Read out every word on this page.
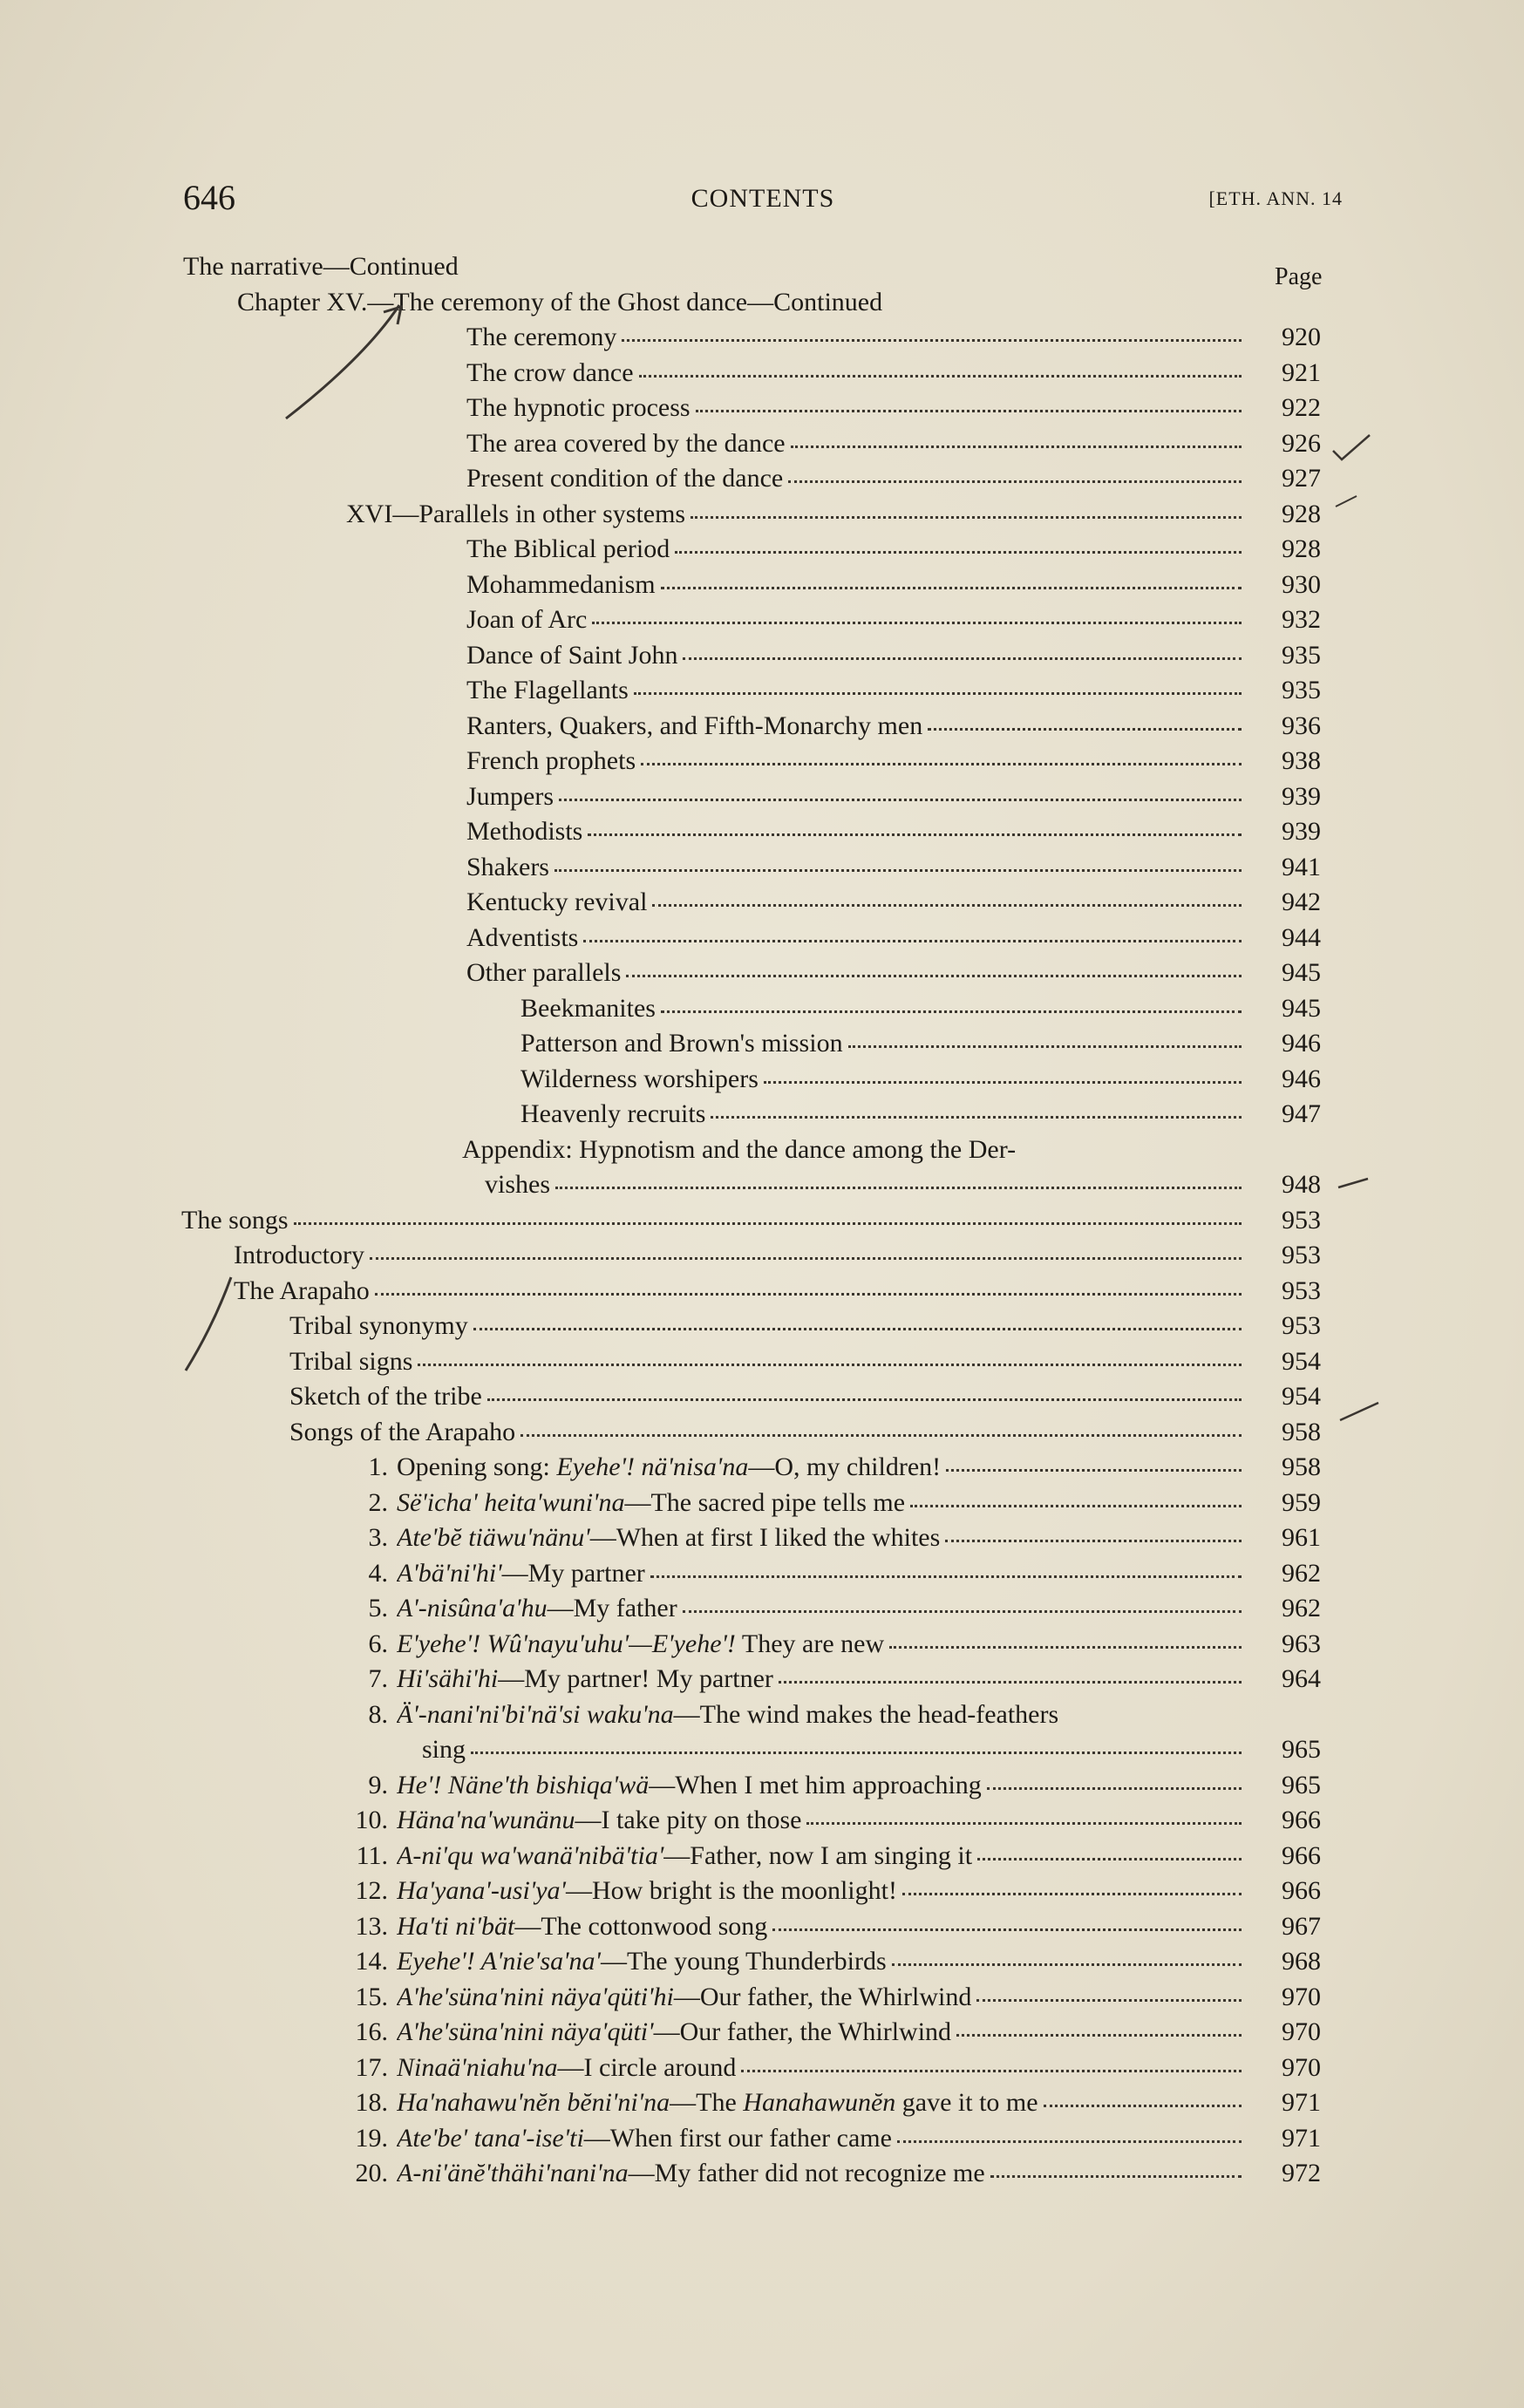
646	CONTENTS	[ETH. ANN. 14
Page
The narrative—Continued
Chapter XV.—The ceremony of the Ghost dance—Continued
The ceremony	920
The crow dance	921
The hypnotic process	922
The area covered by the dance	926
Present condition of the dance	927
XVI—Parallels in other systems	928
The Biblical period	928
Mohammedanism	930
Joan of Arc	932
Dance of Saint John	935
The Flagellants	935
Ranters, Quakers, and Fifth-Monarchy men	936
French prophets	938
Jumpers	939
Methodists	939
Shakers	941
Kentucky revival	942
Adventists	944
Other parallels	945
Beekmanites	945
Patterson and Brown's mission	946
Wilderness worshipers	946
Heavenly recruits	947
Appendix: Hypnotism and the dance among the Der-
vishes	948
The songs	953
Introductory	953
The Arapaho	953
Tribal synonymy	953
Tribal signs	954
Sketch of the tribe	954
Songs of the Arapaho	958
1. Opening song: Eyehe'! nä'nisa'na—O, my children!	958
2. Së'icha' heita'wuni'na—The sacred pipe tells me	959
3. Ate'bĕ tiäwu'nänu'—When at first I liked the whites	961
4. A'bä'ni'hi'—My partner	962
5. A'-nisûna'a'hu—My father	962
6. E'yehe'! Wû'nayu'uhu'—E'yehe'! They are new	963
7. Hi'sähi'hi—My partner! My partner	964
8. Ä'-nani'ni'bi'nä'si waku'na—The wind makes the head-feathers
sing	965
9. He'! Näne'th bishiqa'wä—When I met him approaching	965
10. Häna'na'wunänu—I take pity on those	966
11. A-ni'qu wa'wanä'nibä'tia'—Father, now I am singing it	966
12. Ha'yana'-usi'ya'—How bright is the moonlight!	966
13. Ha'ti ni'bät—The cottonwood song	967
14. Eyehe'! A'nie'sa'na'—The young Thunderbirds	968
15. A'he'süna'nini näya'qüti'hi—Our father, the Whirlwind	970
16. A'he'süna'nini näya'qüti'—Our father, the Whirlwind	970
17. Ninaä'niahu'na—I circle around	970
18. Ha'nahawu'nĕn bĕni'ni'na—The Hanahawunĕn gave it to me	971
19. Ate'be' tana'-ise'ti—When first our father came	971
20. A-ni'änĕ'thähi'nani'na—My father did not recognize me	972
